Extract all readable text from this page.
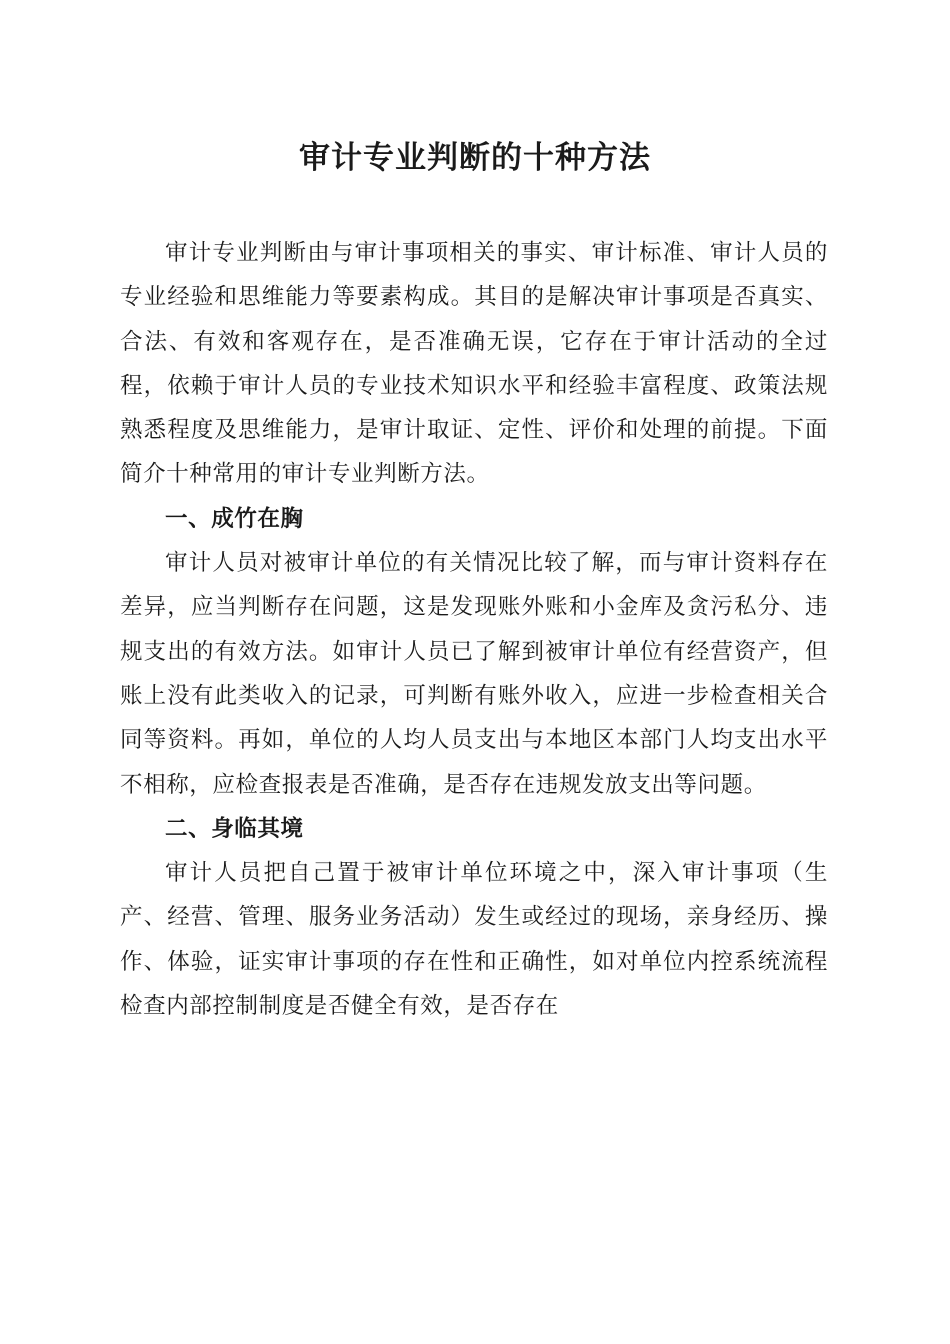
审计专业判断的十种方法

审计专业判断由与审计事项相关的事实、审计标准、审计人员的专业经验和思维能力等要素构成。其目的是解决审计事项是否真实、合法、有效和客观存在，是否准确无误，它存在于审计活动的全过程，依赖于审计人员的专业技术知识水平和经验丰富程度、政策法规熟悉程度及思维能力，是审计取证、定性、评价和处理的前提。下面简介十种常用的审计专业判断方法。

一、成竹在胸

审计人员对被审计单位的有关情况比较了解，而与审计资料存在差异，应当判断存在问题，这是发现账外账和小金库及贪污私分、违规支出的有效方法。如审计人员已了解到被审计单位有经营资产，但账上没有此类收入的记录，可判断有账外收入，应进一步检查相关合同等资料。再如，单位的人均人员支出与本地区本部门人均支出水平不相称，应检查报表是否准确，是否存在违规发放支出等问题。

二、身临其境

审计人员把自己置于被审计单位环境之中，深入审计事项（生产、经营、管理、服务业务活动）发生或经过的现场，亲身经历、操作、体验，证实审计事项的存在性和正确性，如对单位内控系统流程检查内部控制制度是否健全有效，是否存在
